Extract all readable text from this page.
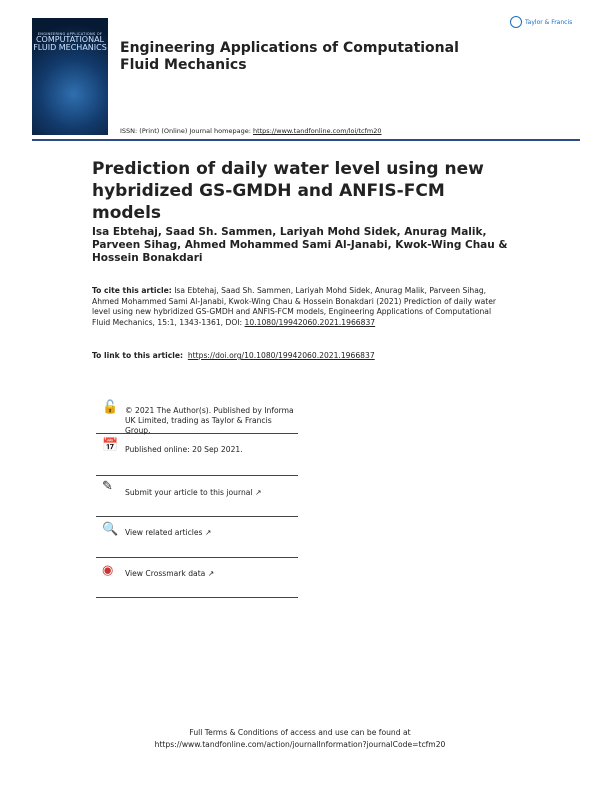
ENGINEERING APPLICATIONS OF
COMPUTATIONAL FLUID MECHANICS Engineering Applications of Computational Fluid Mechanics
Taylor & Francis
ISSN: (Print) (Online) Journal homepage: https://www.tandfonline.com/loi/tcfm20
Prediction of daily water level using new hybridized GS-GMDH and ANFIS-FCM models
Isa Ebtehaj, Saad Sh. Sammen, Lariyah Mohd Sidek, Anurag Malik, Parveen Sihag, Ahmed Mohammed Sami Al-Janabi, Kwok-Wing Chau & Hossein Bonakdari
To cite this article: Isa Ebtehaj, Saad Sh. Sammen, Lariyah Mohd Sidek, Anurag Malik, Parveen Sihag, Ahmed Mohammed Sami Al-Janabi, Kwok-Wing Chau & Hossein Bonakdari (2021) Prediction of daily water level using new hybridized GS-GMDH and ANFIS-FCM models, Engineering Applications of Computational Fluid Mechanics, 15:1, 1343-1361, DOI: 10.1080/19942060.2021.1966837
To link to this article: https://doi.org/10.1080/19942060.2021.1966837
🔓 © 2021 The Author(s). Published by Informa UK Limited, trading as Taylor & Francis Group.
📅 Published online: 20 Sep 2021.
✎ Submit your article to this journal ↗
🔍 View related articles ↗
◉ View Crossmark data ↗
Full Terms & Conditions of access and use can be found at
https://www.tandfonline.com/action/journalInformation?journalCode=tcfm20
